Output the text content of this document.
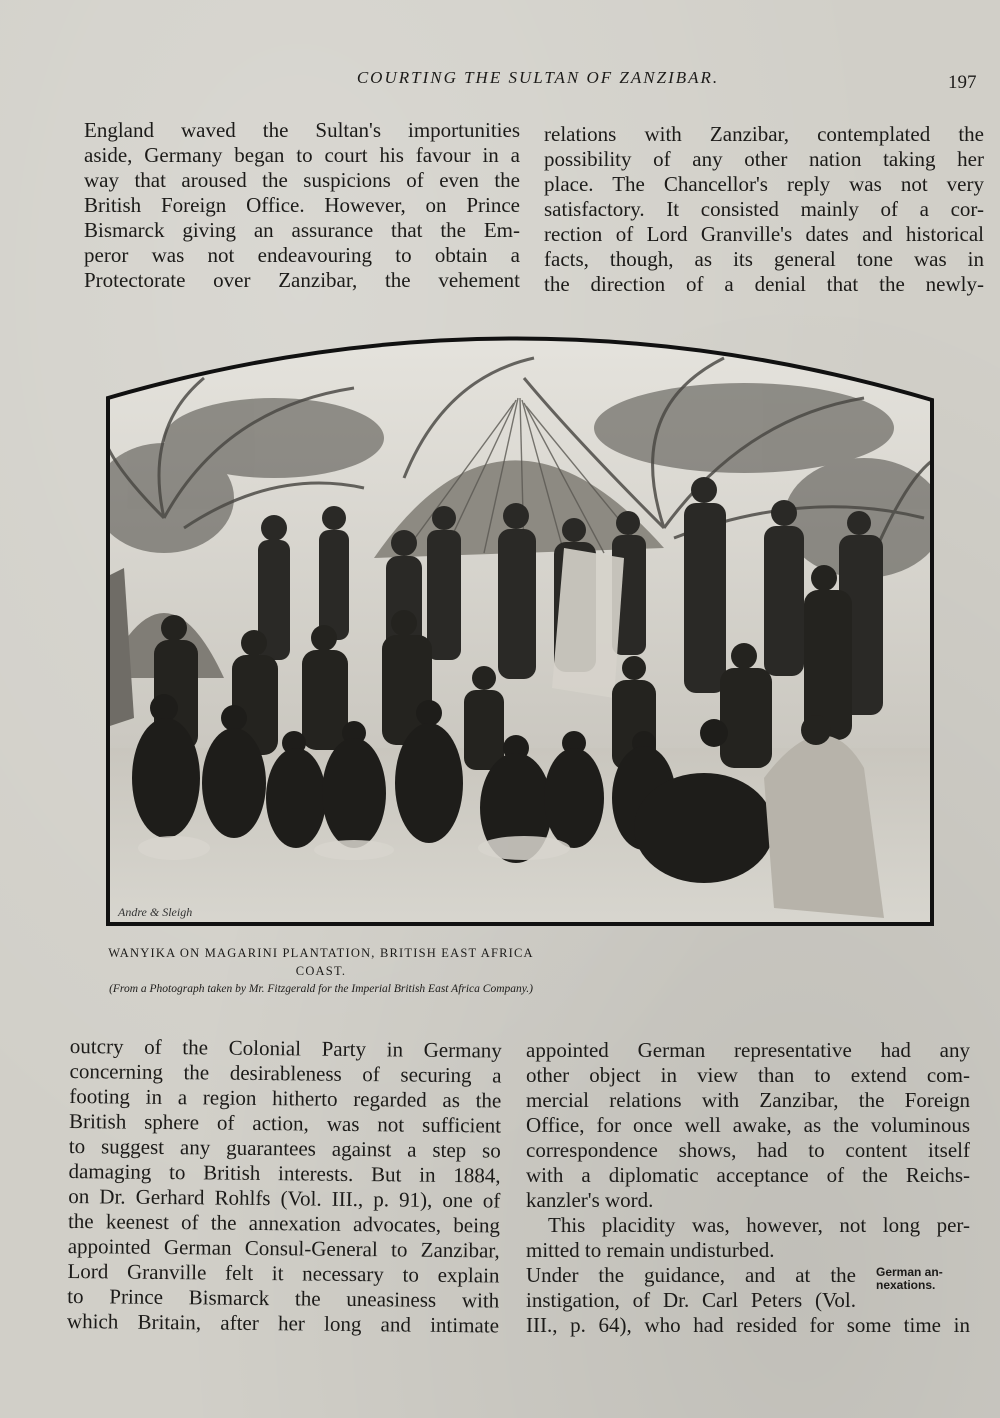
COURTING THE SULTAN OF ZANZIBAR.	197
England waved the Sultan's importunities
aside, Germany began to court his favour in a
way that aroused the suspicions of even the
British Foreign Office. However, on Prince
Bismarck giving an assurance that the Em-
peror was not endeavouring to obtain a
Protectorate over Zanzibar, the vehement
relations with Zanzibar, contemplated the
possibility of any other nation taking her
place. The Chancellor's reply was not very
satisfactory. It consisted mainly of a cor-
rection of Lord Granville's dates and historical
facts, though, as its general tone was in
the direction of a denial that the newly-
Andre & Sleigh
WANYIKA ON MAGARINI PLANTATION, BRITISH EAST AFRICA COAST.
(From a Photograph taken by Mr. Fitzgerald for the Imperial British East Africa Company.)
outcry of the Colonial Party in Germany
concerning the desirableness of securing a
footing in a region hitherto regarded as the
British sphere of action, was not sufficient
to suggest any guarantees against a step so
damaging to British interests. But in 1884,
on Dr. Gerhard Rohlfs (Vol. III., p. 91), one of
the keenest of the annexation advocates, being
appointed German Consul-General to Zanzibar,
Lord Granville felt it necessary to explain
to Prince Bismarck the uneasiness with
which Britain, after her long and intimate
appointed German representative had any
other object in view than to extend com-
mercial relations with Zanzibar, the Foreign
Office, for once well awake, as the voluminous
correspondence shows, had to content itself
with a diplomatic acceptance of the Reichs-
kanzler's word.
This placidity was, however, not long per-
mitted to remain undisturbed.
Under the guidance, and at the
instigation, of Dr. Carl Peters (Vol.
III., p. 64), who had resided for some time in
German an-nexations.
